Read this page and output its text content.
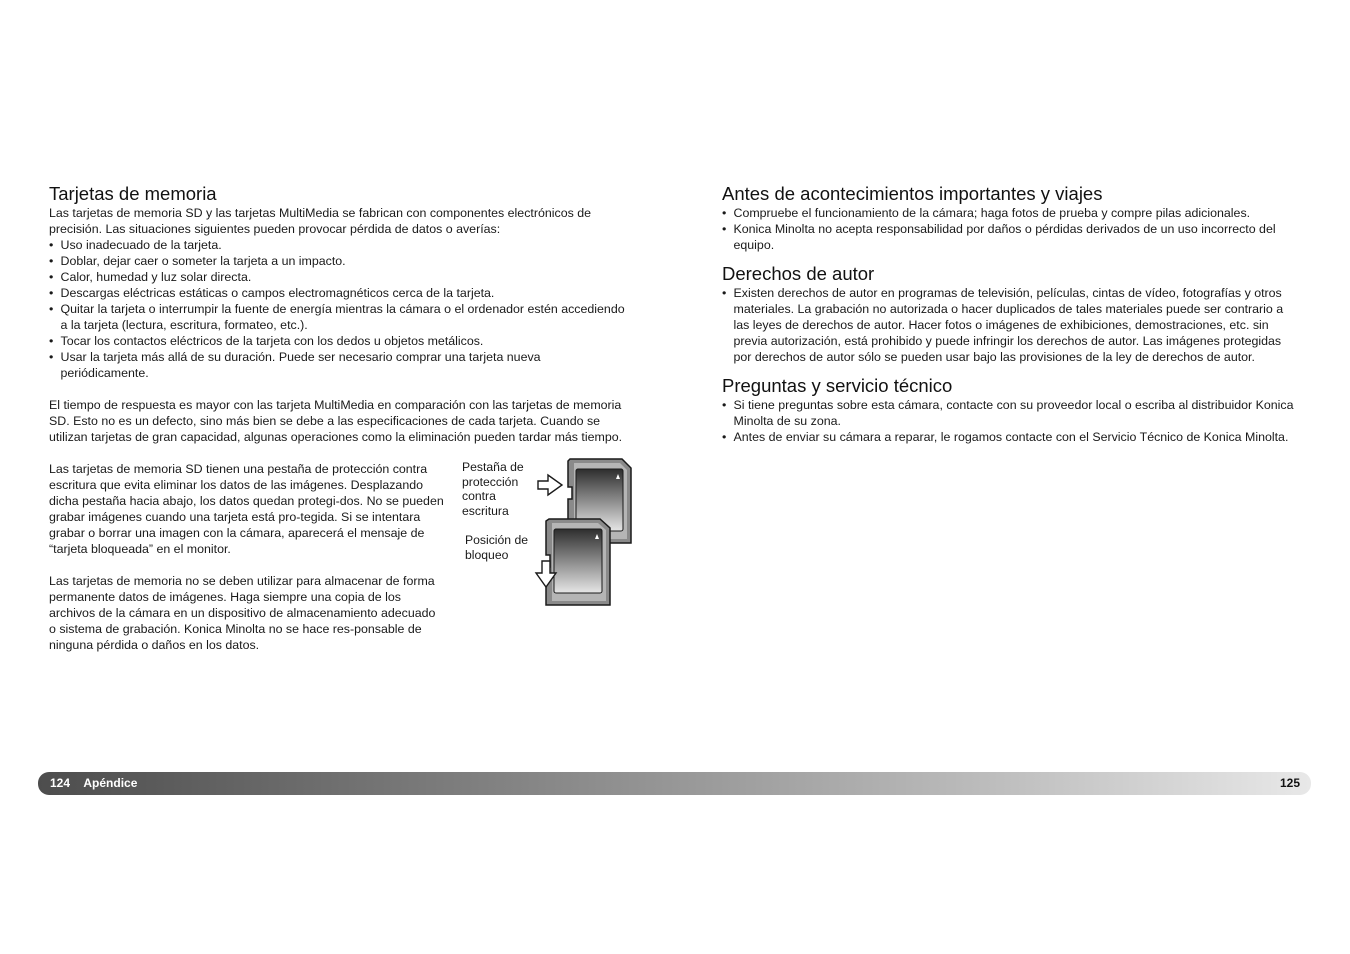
Tarjetas de memoria

Las tarjetas de memoria SD y las tarjetas MultiMedia se fabrican con componentes electrónicos de precisión. Las situaciones siguientes pueden provocar pérdida de datos o averías:

• Uso inadecuado de la tarjeta.
• Doblar, dejar caer o someter la tarjeta a un impacto.
• Calor, humedad y luz solar directa.
• Descargas eléctricas estáticas o campos electromagnéticos cerca de la tarjeta.
• Quitar la tarjeta o interrumpir la fuente de energía mientras la cámara o el ordenador estén accediendo a la tarjeta (lectura, escritura, formateo, etc.).
• Tocar los contactos eléctricos de la tarjeta con los dedos u objetos metálicos.
• Usar la tarjeta más allá de su duración. Puede ser necesario comprar una tarjeta nueva periódicamente.

El tiempo de respuesta es mayor con las tarjeta MultiMedia en comparación con las tarjetas de memoria SD. Esto no es un defecto, sino más bien se debe a las especificaciones de cada tarjeta. Cuando se utilizan tarjetas de gran capacidad, algunas operaciones como la eliminación pueden tardar más tiempo.

Las tarjetas de memoria SD tienen una pestaña de protección contra escritura que evita eliminar los datos de las imágenes. Desplazando dicha pestaña hacia abajo, los datos quedan protegi-dos. No se pueden grabar imágenes cuando una tarjeta está pro-tegida. Si se intentara grabar o borrar una imagen con la cámara, aparecerá el mensaje de “tarjeta bloqueada” en el monitor.

Las tarjetas de memoria no se deben utilizar para almacenar de forma permanente datos de imágenes. Haga siempre una copia de los archivos de la cámara en un dispositivo de almacenamiento adecuado o sistema de grabación. Konica Minolta no se hace res-ponsable de ninguna pérdida o daños en los datos.

Pestaña de protección contra escritura
Posición de bloqueo
Antes de acontecimientos importantes y viajes
• Compruebe el funcionamiento de la cámara; haga fotos de prueba y compre pilas adicionales.
• Konica Minolta no acepta responsabilidad por daños o pérdidas derivados de un uso incorrecto del equipo.
Derechos de autor
• Existen derechos de autor en programas de televisión, películas, cintas de vídeo, fotografías y otros materiales. La grabación no autorizada o hacer duplicados de tales materiales puede ser contrario a las leyes de derechos de autor. Hacer fotos o imágenes de exhibiciones, demostraciones, etc. sin previa autorización, está prohibido y puede infringir los derechos de autor. Las imágenes protegidas por derechos de autor sólo se pueden usar bajo las provisiones de la ley de derechos de autor.
Preguntas y servicio técnico
• Si tiene preguntas sobre esta cámara, contacte con su proveedor local o escriba al distribuidor Konica Minolta de su zona.
• Antes de enviar su cámara a reparar, le rogamos contacte con el Servicio Técnico de Konica Minolta.
124 Apéndice	125
